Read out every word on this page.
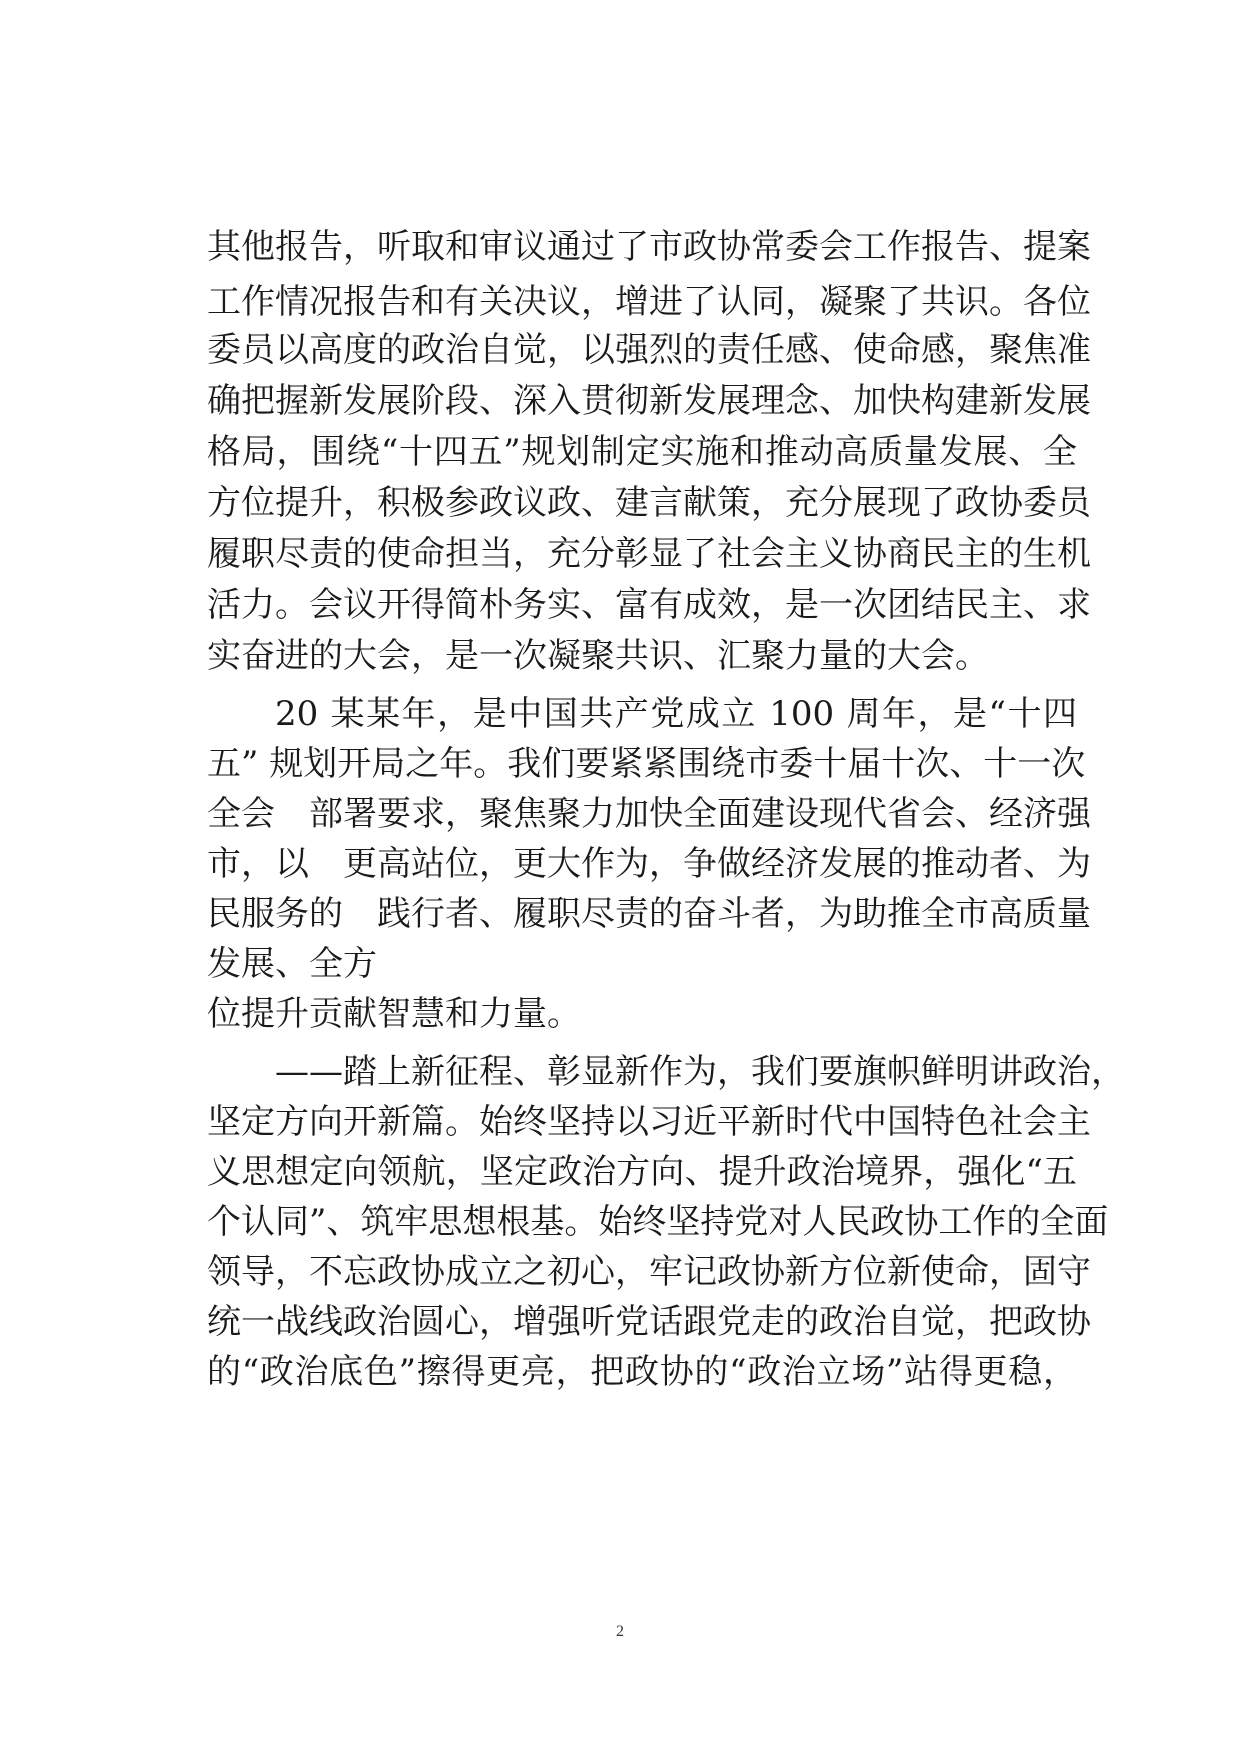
其他报告，听取和审议通过了市政协常委会工作报告、提案
工作情况报告和有关决议，增进了认同，凝聚了共识。各位
委员以高度的政治自觉，以强烈的责任感、使命感，聚焦准
确把握新发展阶段、深入贯彻新发展理念、加快构建新发展
格局，围绕“十四五”规划制定实施和推动高质量发展、全
方位提升，积极参政议政、建言献策，充分展现了政协委员
履职尽责的使命担当，充分彰显了社会主义协商民主的生机
活力。会议开得简朴务实、富有成效，是一次团结民主、求
实奋进的大会，是一次凝聚共识、汇聚力量的大会。
20 某某年，是中国共产党成立 100 周年，是“十四
五” 规划开局之年。我们要紧紧围绕市委十届十次、十一次
全会　部署要求，聚焦聚力加快全面建设现代省会、经济强
市，以　更高站位，更大作为，争做经济发展的推动者、为
民服务的　践行者、履职尽责的奋斗者，为助推全市高质量
发展、全方
位提升贡献智慧和力量。
——踏上新征程、彰显新作为，我们要旗帜鲜明讲政治，
坚定方向开新篇。始终坚持以习近平新时代中国特色社会主
义思想定向领航，坚定政治方向、提升政治境界，强化“五
个认同”、筑牢思想根基。始终坚持党对人民政协工作的全面
领导，不忘政协成立之初心，牢记政协新方位新使命，固守
统一战线政治圆心，增强听党话跟党走的政治自觉，把政协
的“政治底色”擦得更亮，把政协的“政治立场”站得更稳，
2
